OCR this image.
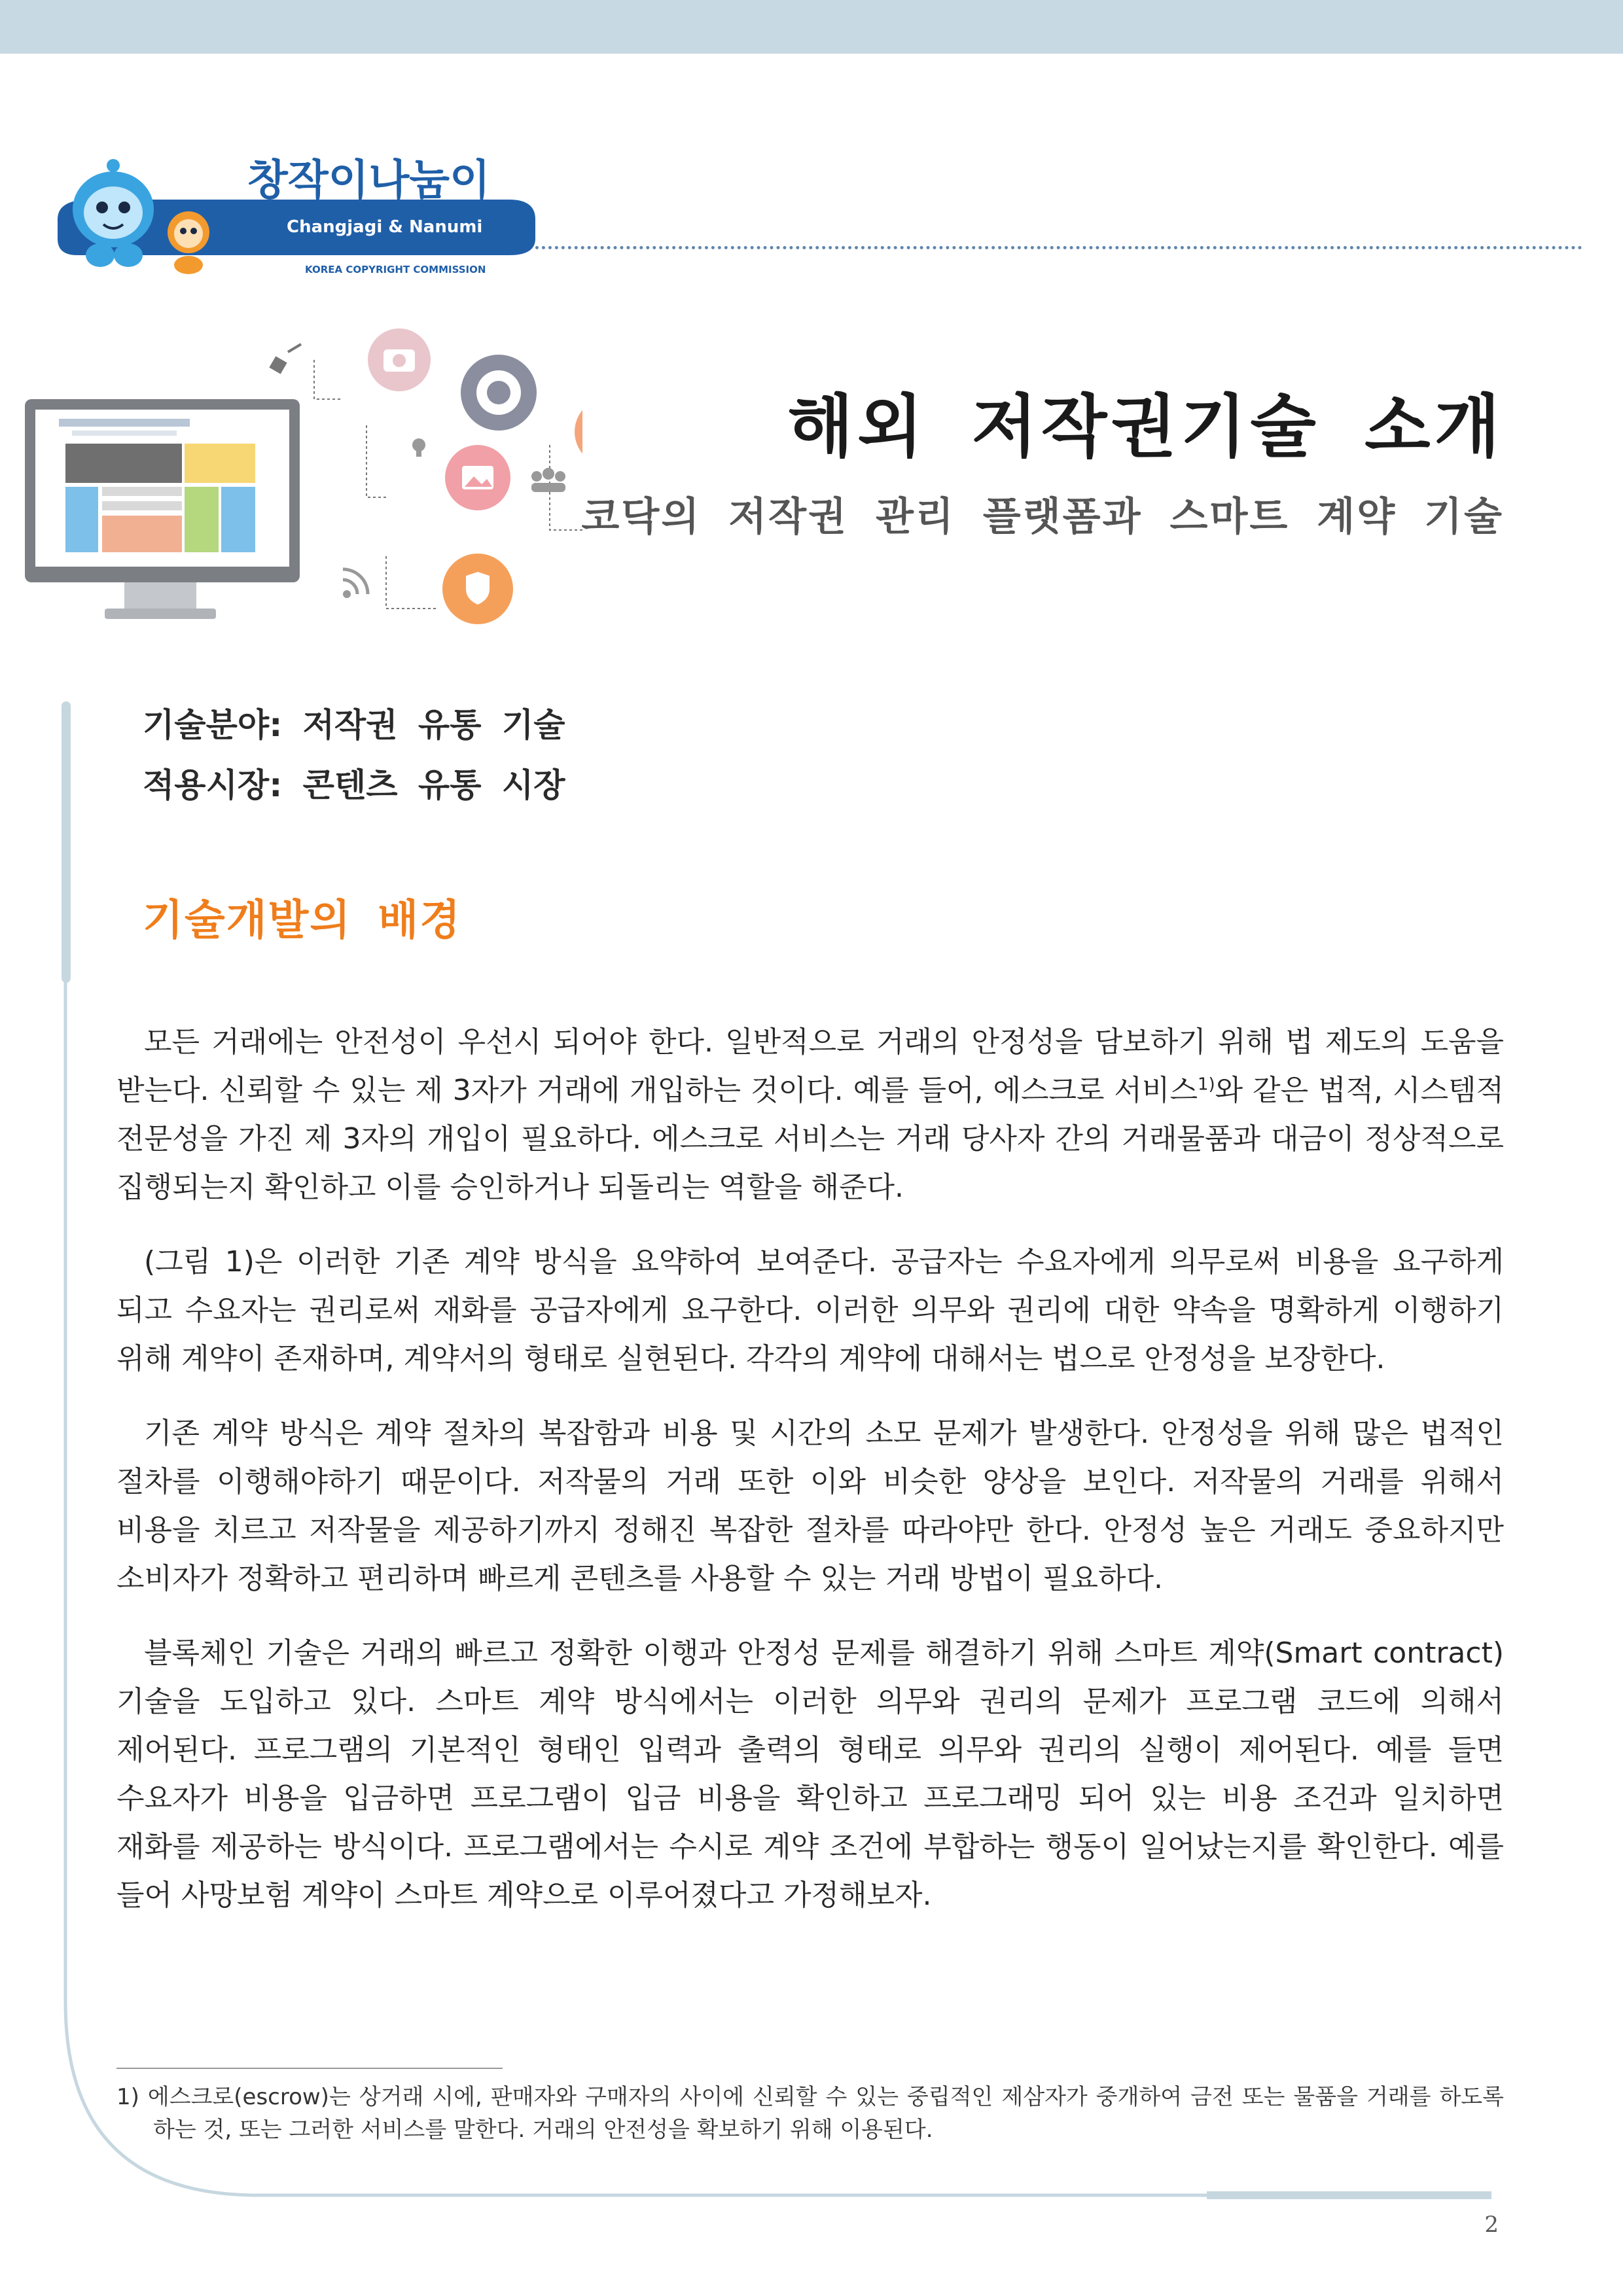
창작이나눔이
Changjagi & Nanumi
KOREA COPYRIGHT COMMISSION
해외 저작권기술 소개
코닥의 저작권 관리 플랫폼과 스마트 계약 기술
기술분야: 저작권 유통 기술
적용시장: 콘텐츠 유통 시장
기술개발의 배경

모든 거래에는 안전성이 우선시 되어야 한다. 일반적으로 거래의 안정성을 담보하기 위해 법 제도의 도움을 받는다. 신뢰할 수 있는 제 3자가 거래에 개입하는 것이다. 예를 들어, 에스크로 서비스$^{1)}$와 같은 법적, 시스템적 전문성을 가진 제 3자의 개입이 필요하다. 에스크로 서비스는 거래 당사자 간의 거래물품과 대금이 정상적으로 집행되는지 확인하고 이를 승인하거나 되돌리는 역할을 해준다.

(그림 1)은 이러한 기존 계약 방식을 요약하여 보여준다. 공급자는 수요자에게 의무로써 비용을 요구하게 되고 수요자는 권리로써 재화를 공급자에게 요구한다. 이러한 의무와 권리에 대한 약속을 명확하게 이행하기 위해 계약이 존재하며, 계약서의 형태로 실현된다. 각각의 계약에 대해서는 법으로 안정성을 보장한다.

기존 계약 방식은 계약 절차의 복잡함과 비용 및 시간의 소모 문제가 발생한다. 안정성을 위해 많은 법적인 절차를 이행해야하기 때문이다. 저작물의 거래 또한 이와 비슷한 양상을 보인다. 저작물의 거래를 위해서 비용을 치르고 저작물을 제공하기까지 정해진 복잡한 절차를 따라야만 한다. 안정성 높은 거래도 중요하지만 소비자가 정확하고 편리하며 빠르게 콘텐츠를 사용할 수 있는 거래 방법이 필요하다.

블록체인 기술은 거래의 빠르고 정확한 이행과 안정성 문제를 해결하기 위해 스마트 계약(Smart contract) 기술을 도입하고 있다. 스마트 계약 방식에서는 이러한 의무와 권리의 문제가 프로그램 코드에 의해서 제어된다. 프로그램의 기본적인 형태인 입력과 출력의 형태로 의무와 권리의 실행이 제어된다. 예를 들면 수요자가 비용을 입금하면 프로그램이 입금 비용을 확인하고 프로그래밍 되어 있는 비용 조건과 일치하면 재화를 제공하는 방식이다. 프로그램에서는 수시로 계약 조건에 부합하는 행동이 일어났는지를 확인한다. 예를 들어 사망보험 계약이 스마트 계약으로 이루어졌다고 가정해보자.

1) 에스크로(escrow)는 상거래 시에, 판매자와 구매자의 사이에 신뢰할 수 있는 중립적인 제삼자가 중개하여 금전 또는 물품을 거래를 하도록 하는 것, 또는 그러한 서비스를 말한다. 거래의 안전성을 확보하기 위해 이용된다.

2
